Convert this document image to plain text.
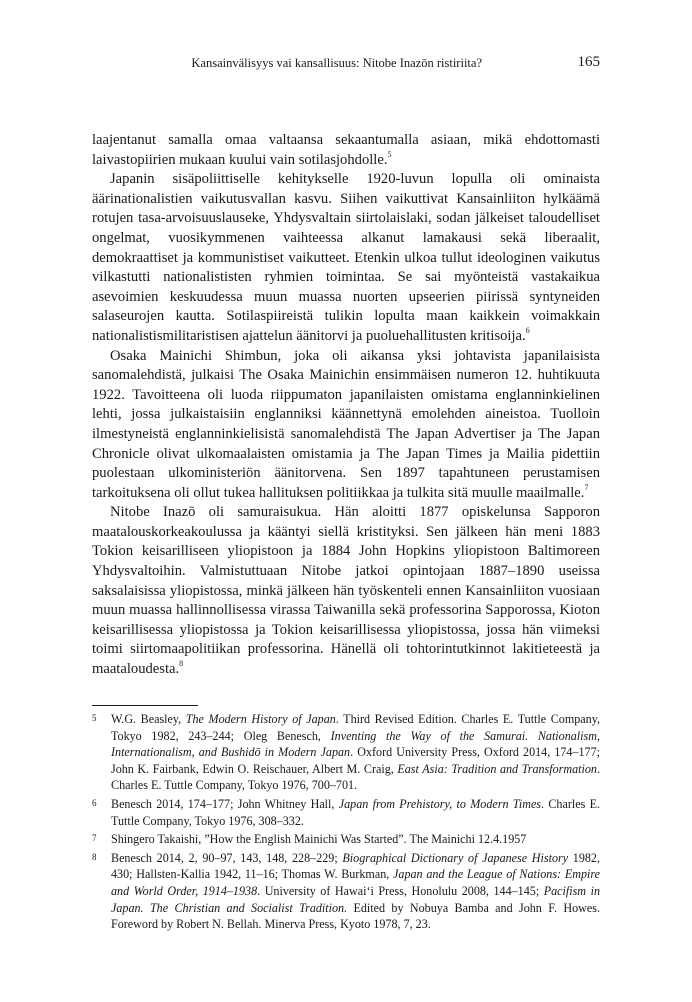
Kansainvälisyys vai kansallisuus: Nitobe Inazōn ristiriita?	165

laajentanut samalla omaa valtaansa sekaantumalla asiaan, mikä ehdottomasti laivastopiirien mukaan kuului vain sotilasjohdolle.$^5$

Japanin sisäpoliittiselle kehitykselle 1920-luvun lopulla oli ominaista äärinationalistien vaikutusvallan kasvu. Siihen vaikuttivat Kansainliiton hylkäämä rotujen tasa-arvoisuuslauseke, Yhdysvaltain siirtolaislaki, sodan jälkeiset taloudelliset ongelmat, vuosikymmenen vaihteessa alkanut lamakausi sekä liberaalit, demokraattiset ja kommunistiset vaikutteet. Etenkin ulkoa tullut ideologinen vaikutus vilkastutti nationalististen ryhmien toimintaa. Se sai myönteistä vastakaikua asevoimien keskuudessa muun muassa nuorten upseerien piirissä syntyneiden salaseurojen kautta. Sotilaspiireistä tulikin lopulta maan kaikkein voimakkain nationalistismilitaristisen ajattelun äänitorvi ja puoluehallitusten kritisoija.$^6$

Osaka Mainichi Shimbun, joka oli aikansa yksi johtavista japanilaisista sanomalehdistä, julkaisi The Osaka Mainichin ensimmäisen numeron 12. huhtikuuta 1922. Tavoitteena oli luoda riippumaton japanilaisten omistama englanninkielinen lehti, jossa julkaistaisiin englanniksi käännettynä emolehden aineistoa. Tuolloin ilmestyneistä englanninkielisistä sanomalehdistä The Japan Advertiser ja The Japan Chronicle olivat ulkomaalaisten omistamia ja The Japan Times ja Mailia pidettiin puolestaan ulkoministeriön äänitorvena. Sen 1897 tapahtuneen perustamisen tarkoituksena oli ollut tukea hallituksen politiikkaa ja tulkita sitä muulle maailmalle.$^7$

Nitobe Inazō oli samuraisukua. Hän aloitti 1877 opiskelunsa Sapporon maatalouskorkeakoulussa ja kääntyi siellä kristityksi. Sen jälkeen hän meni 1883 Tokion keisarilliseen yliopistoon ja 1884 John Hopkins yliopistoon Baltimoreen Yhdysvaltoihin. Valmistuttuaan Nitobe jatkoi opintojaan 1887–1890 useissa saksalaisissa yliopistossa, minkä jälkeen hän työskenteli ennen Kansainliiton vuosiaan muun muassa hallinnollisessa virassa Taiwanilla sekä professorina Sapporossa, Kioton keisarillisessa yliopistossa ja Tokion keisarillisessa yliopistossa, jossa hän viimeksi toimi siirtomaapolitiikan professorina. Hänellä oli tohtorintutkinnot lakitieteestä ja maataloudesta.$^8$

5 W.G. Beasley, The Modern History of Japan. Third Revised Edition. Charles E. Tuttle Company, Tokyo 1982, 243–244; Oleg Benesch, Inventing the Way of the Samurai. Nationalism, Internationalism, and Bushidō in Modern Japan. Oxford University Press, Oxford 2014, 174–177; John K. Fairbank, Edwin O. Reischauer, Albert M. Craig, East Asia: Tradition and Transformation. Charles E. Tuttle Company, Tokyo 1976, 700–701.
6 Benesch 2014, 174–177; John Whitney Hall, Japan from Prehistory, to Modern Times. Charles E. Tuttle Company, Tokyo 1976, 308–332.
7 Shingero Takaishi, ”How the English Mainichi Was Started”. The Mainichi 12.4.1957
8 Benesch 2014, 2, 90–97, 143, 148, 228–229; Biographical Dictionary of Japanese History 1982, 430; Hallsten-Kallia 1942, 11–16; Thomas W. Burkman, Japan and the League of Nations: Empire and World Order, 1914–1938. University of Hawai‘i Press, Honolulu 2008, 144–145; Pacifism in Japan. The Christian and Socialist Tradition. Edited by Nobuya Bamba and John F. Howes. Foreword by Robert N. Bellah. Minerva Press, Kyoto 1978, 7, 23.
